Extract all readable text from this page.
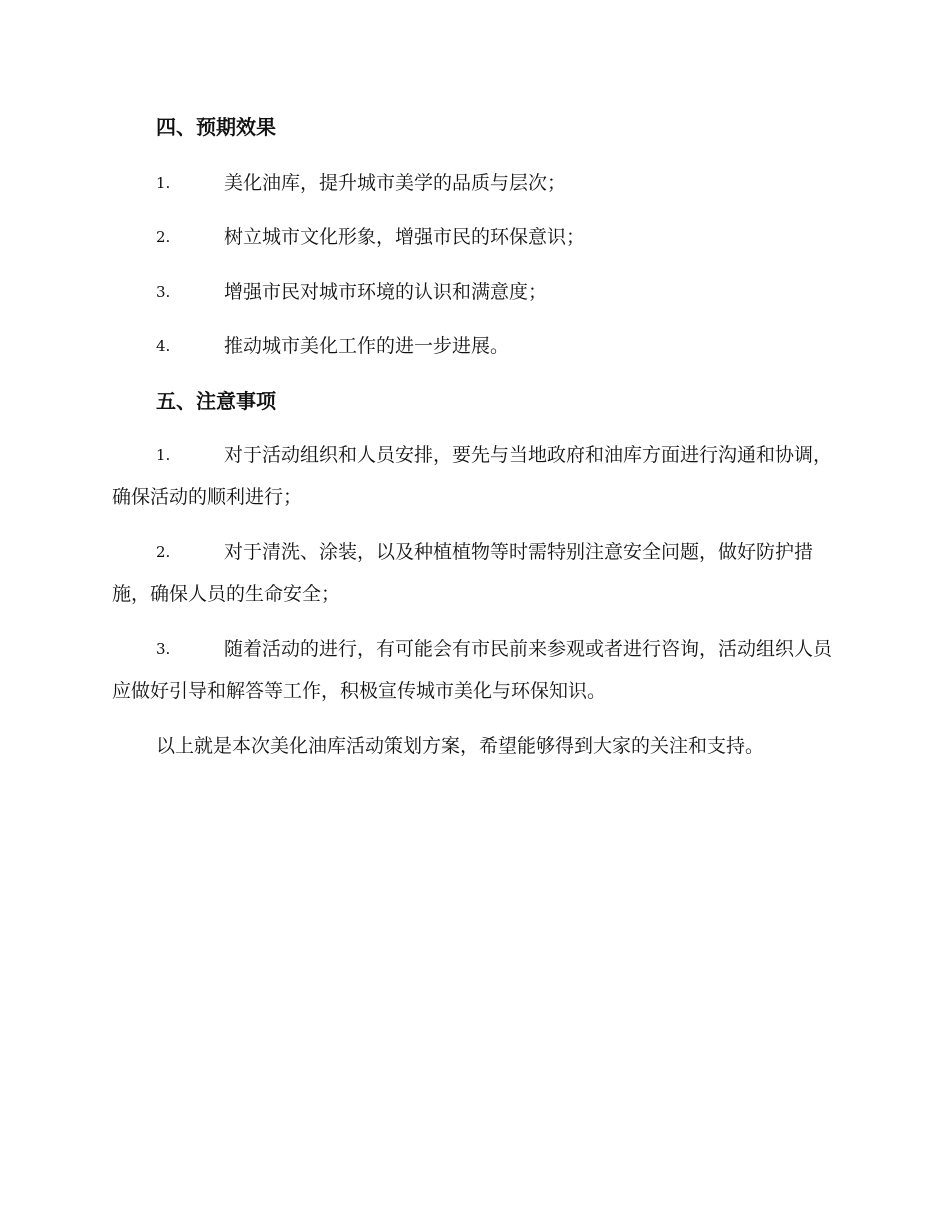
四、预期效果
1.	美化油库，提升城市美学的品质与层次；
2.	树立城市文化形象，增强市民的环保意识；
3.	增强市民对城市环境的认识和满意度；
4.	推动城市美化工作的进一步进展。
五、注意事项
1.	对于活动组织和人员安排，要先与当地政府和油库方面进行沟通和协调，确保活动的顺利进行；
2.	对于清洗、涂装，以及种植植物等时需特别注意安全问题，做好防护措施，确保人员的生命安全；
3.	随着活动的进行，有可能会有市民前来参观或者进行咨询，活动组织人员应做好引导和解答等工作，积极宣传城市美化与环保知识。
以上就是本次美化油库活动策划方案，希望能够得到大家的关注和支持。
